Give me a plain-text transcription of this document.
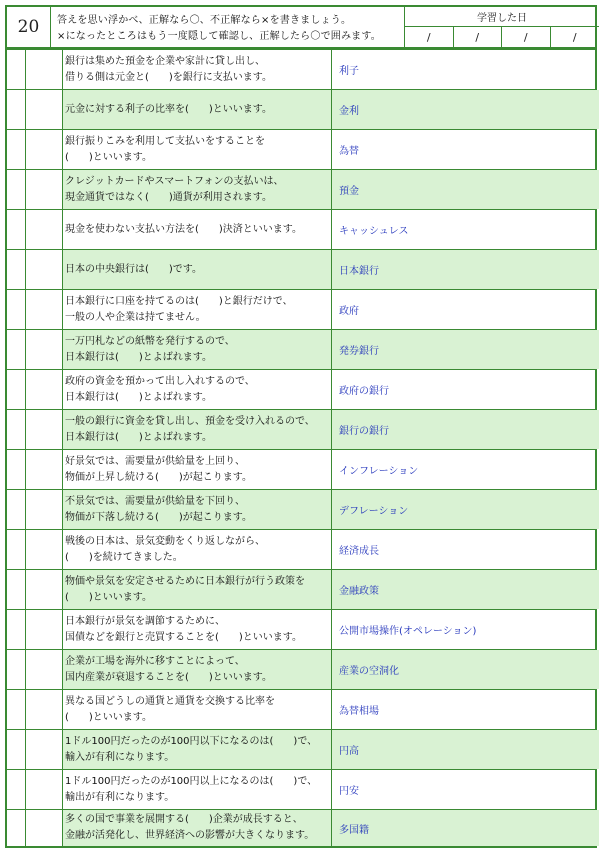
20	答えを思い浮かべ、正解なら〇、不正解なら×を書きましょう。
×になったところはもう一度隠して確認し、正解したら〇で囲みます。
学習した日
/	/	/	/
銀行は集めた預金を企業や家計に貸し出し、
借りる側は元金と(　　)を銀行に支払います。	利子
元金に対する利子の比率を(　　)といいます。	金利
銀行振りこみを利用して支払いをすることを
(　　)といいます。	為替
クレジットカードやスマートフォンの支払いは、
現金通貨ではなく(　　)通貨が利用されます。	預金
現金を使わない支払い方法を(　　)決済といいます。	キャッシュレス
日本の中央銀行は(　　)です。	日本銀行
日本銀行に口座を持てるのは(　　)と銀行だけで、
一般の人や企業は持てません。	政府
一万円札などの紙幣を発行するので、
日本銀行は(　　)とよばれます。	発券銀行
政府の資金を預かって出し入れするので、
日本銀行は(　　)とよばれます。	政府の銀行
一般の銀行に資金を貸し出し、預金を受け入れるので、
日本銀行は(　　)とよばれます。	銀行の銀行
好景気では、需要量が供給量を上回り、
物価が上昇し続ける(　　)が起こります。	インフレーション
不景気では、需要量が供給量を下回り、
物価が下落し続ける(　　)が起こります。	デフレーション
戦後の日本は、景気変動をくり返しながら、
(　　)を続けてきました。	経済成長
物価や景気を安定させるために日本銀行が行う政策を
(　　)といいます。	金融政策
日本銀行が景気を調節するために、
国債などを銀行と売買することを(　　)といいます。	公開市場操作(オペレーション)
企業が工場を海外に移すことによって、
国内産業が衰退することを(　　)といいます。	産業の空洞化
異なる国どうしの通貨と通貨を交換する比率を
(　　)といいます。	為替相場
1ドル100円だったのが100円以下になるのは(　　)で、
輸入が有利になります。	円高
1ドル100円だったのが100円以上になるのは(　　)で、
輸出が有利になります。	円安
多くの国で事業を展開する(　　)企業が成長すると、
金融が活発化し、世界経済への影響が大きくなります。	多国籍
